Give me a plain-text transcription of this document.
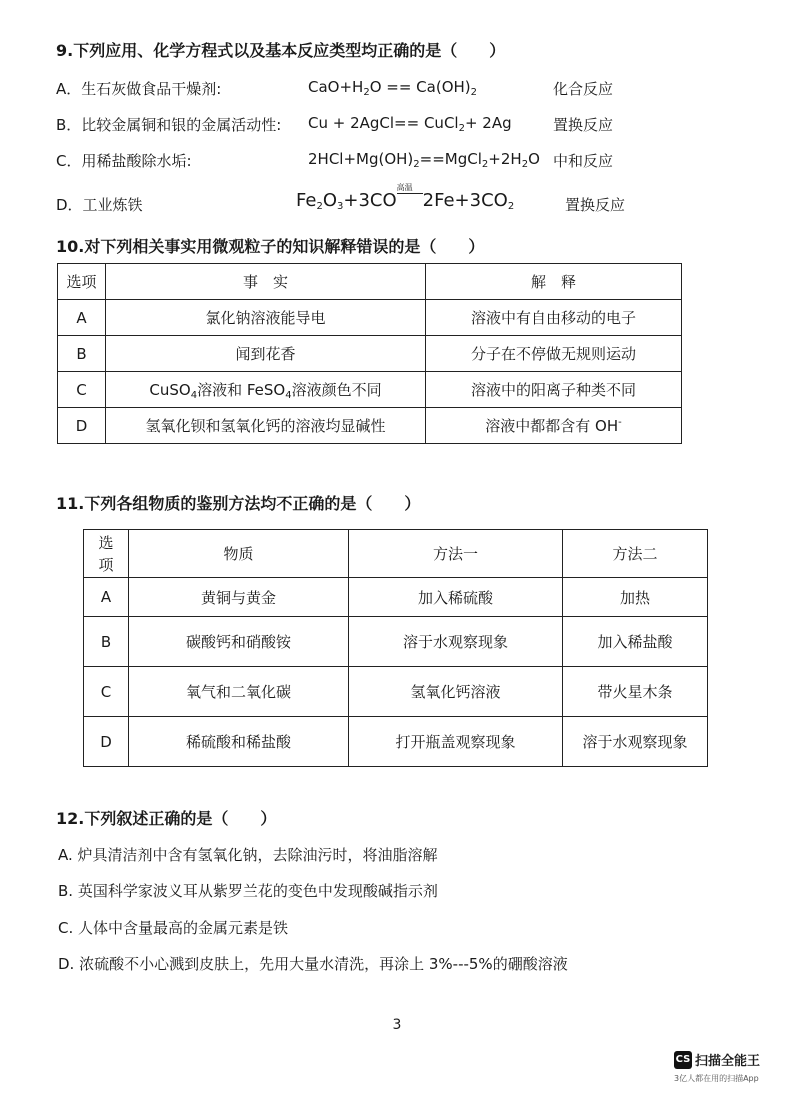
9.下列应用、化学方程式以及基本反应类型均正确的是（　　）
A．生石灰做食品干燥剂:	$CaO+H_2O == Ca(OH)_2$	化合反应
B．比较金属铜和银的金属活动性: Cu + 2AgCl== CuCl$_2$+ 2Ag	置换反应
C．用稀盐酸除水垢:	$2HCl+Mg(OH)_2==MgCl_2+2H_2O$ 中和反应
D．工业炼铁	$Fe_2O_3+3CO$
高温
$2Fe+3CO_2$	置换反应
10.对下列相关事实用微观粒子的知识解释错误的是（　　）
选项	事　实	解　释
A	氯化钠溶液能导电	溶液中有自由移动的电子
B	闻到花香	分子在不停做无规则运动
C	CuSO$_4$溶液和 FeSO$_4$溶液颜色不同	溶液中的阳离子种类不同
D	氢氧化钡和氢氧化钙的溶液均显碱性	溶液中都都含有 OH-
11.下列各组物质的鉴别方法均不正确的是（　　）
选
项	物质	方法一	方法二
A	黄铜与黄金	加入稀硫酸	加热
B	碳酸钙和硝酸铵	溶于水观察现象	加入稀盐酸
C	氧气和二氧化碳	氢氧化钙溶液	带火星木条
D	稀硫酸和稀盐酸	打开瓶盖观察现象	溶于水观察现象
12.下列叙述正确的是（　　）
A. 炉具清洁剂中含有氢氧化钠，去除油污时，将油脂溶解
B. 英国科学家波义耳从紫罗兰花的变色中发现酸碱指示剂
C. 人体中含量最高的金属元素是铁
D. 浓硫酸不小心溅到皮肤上，先用大量水清洗，再涂上 3%---5%的硼酸溶液
3
CS 扫描全能王
3亿人都在用的扫描App
